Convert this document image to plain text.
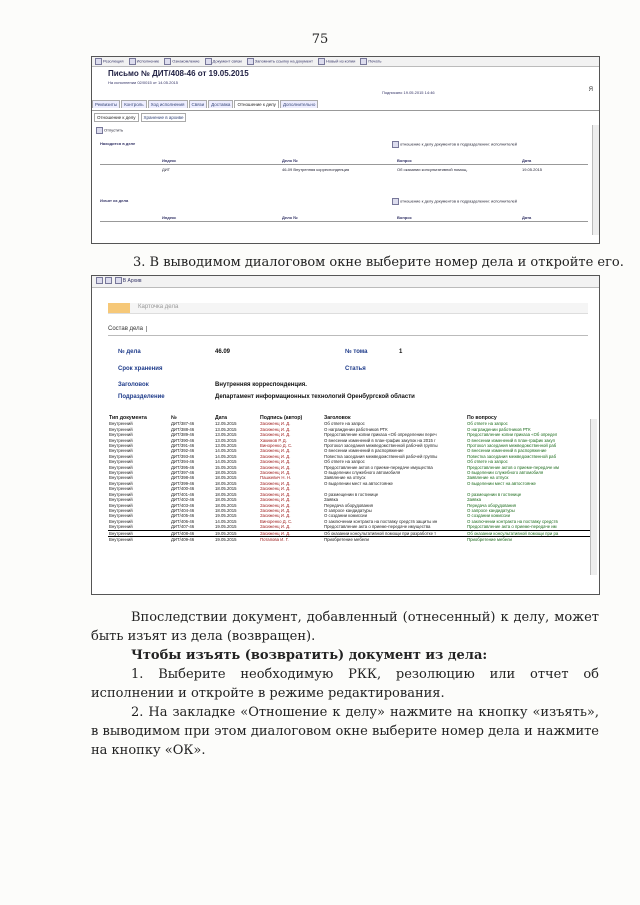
75
Резолюция	Исполнение	Ознакомление	Документ связи	Запомнить ссылку на документ	Новый из копии	Печать
Письмо № ДИТ/408-46 от 19.05.2015
На исполнении 02/0015 от 14.05.2015
Подписано 19.05.2015 14:46	Я
Реквизиты Контроль Ход исполнения Связи Доставка Отношение к делу Дополнительно
Отношение к делу Хранение в архиве
Отпустить
Находится в деле	отношение к делу документов в подразделении: исполнителей
Индекс	Дело №	Вопрос	Дата
ДИТ	46-09 Внутренняя корреспонденция	Об оказании консультативной помощ.	19.05.2015
Изъят из дела	отношение к делу документов в подразделении: исполнителей
Индекс	Дело №	Вопрос	Дата
3. В выводимом диалоговом окне выберите номер дела и откройте его.
В Архив
Карточка дела
Состав дела
№ дела	46.09	№ тома	1
Срок хранения	Статья
Заголовок	Внутренняя корреспонденция.
Подразделение	Департамент информационных технологий Оренбургской области
Тип документа	№	Дата	Подпись (автор)	Заголовок	По вопросу
Внутренний	ДИТ/387-46	12.05.2015	Засиженц И. Д.	Об ответе на запрос	Об ответе на запрос
Внутренний	ДИТ/388-46	13.05.2015	Засиженц И. Д.	О награждении работников РТК	О награждении работников РТК
Внутренний	ДИТ/389-46	13.05.2015	Засиженц И. Д.	Предоставление копии приказа «Об определении переч	Предоставление копии приказа «Об определ
Внутренний	ДИТ/390-46	13.05.2015	Хакимов Р. Д.	О внесении изменений в план-график закупок на 2015 г	О внесении изменений в план-график закуп
Внутренний	ДИТ/391-46	13.05.2015	Виноренко Д. С.	Протокол заседания межведомственной рабочей группы	Протокол заседания межведомственной раб
Внутренний	ДИТ/392-46	14.05.2015	Засиженц И. Д.	О внесении изменений в распоряжение	О внесении изменений в распоряжение
Внутренний	ДИТ/393-46	14.05.2015	Засиженц И. Д.	Повестка заседания межведомственной рабочей группы	Повестка заседания межведомственной раб
Внутренний	ДИТ/394-46	14.05.2015	Засиженц И. Д.	Об ответе на запрос	Об ответе на запрос
Внутренний	ДИТ/395-46	15.05.2015	Засиженц И. Д.	Предоставление актов о приеме-передаче имущества	Предоставление актов о приеме-передаче им
Внутренний	ДИТ/397-46	18.05.2015	Засиженц И. Д.	О выделении служебного автомобиля	О выделении служебного автомобиля
Внутренний	ДИТ/398-46	18.05.2015	Пашкевич Н. Н.	Заявление на отпуск	Заявление на отпуск
Внутренний	ДИТ/399-46	18.05.2015	Засиженц И. Д.	О выделении мест на автостоянке	О выделении мест на автостоянке
Внутренний	ДИТ/400-46	18.05.2015	Засиженц И. Д.		
Внутренний	ДИТ/401-46	18.05.2015	Засиженц И. Д.	О размещении в гостинице	О размещении в гостинице
Внутренний	ДИТ/402-46	18.05.2015	Засиженц И. Д.	Заявка	Заявка
Внутренний	ДИТ/403-46	18.05.2015	Засиженц И. Д.	Передача оборудования	Передача оборудования
Внутренний	ДИТ/404-46	18.05.2015	Засиженц И. Д.	О запросе кандидатуры	О запросе кандидатуры
Внутренний	ДИТ/405-46	19.05.2015	Засиженц И. Д.	О создании комиссии	О создании комиссии
Внутренний	ДИТ/406-46	14.05.2015	Виноренко Д. С.	О заключении контракта на поставку средств защиты ин	О заключении контракта на поставку средств
Внутренний	ДИТ/407-46	19.05.2015	Засиженц И. Д.	Предоставление акта о приеме-передаче имущества	Предоставление акта о приеме-передаче им
Внутренний	ДИТ/408-46	19.05.2015	Засиженц И. Д.	Об оказании консультативной помощи при разработке т	Об оказании консультативной помощи при ра
Внутренний	ДИТ/409-46	19.05.2015	Потапова И. Г.	Приобретение мебели	Приобретение мебели
Впоследствии документ, добавленный (отнесенный) к делу, может быть изъят из дела (возвращен).
Чтобы изъять (возвратить) документ из дела:
1. Выберите необходимую РКК, резолюцию или отчет об исполнении и откройте в режиме редактирования.
2. На закладке «Отношение к делу» нажмите на кнопку «изъять», в выводимом при этом диалоговом окне выберите номер дела и нажмите на кнопку «ОК».
